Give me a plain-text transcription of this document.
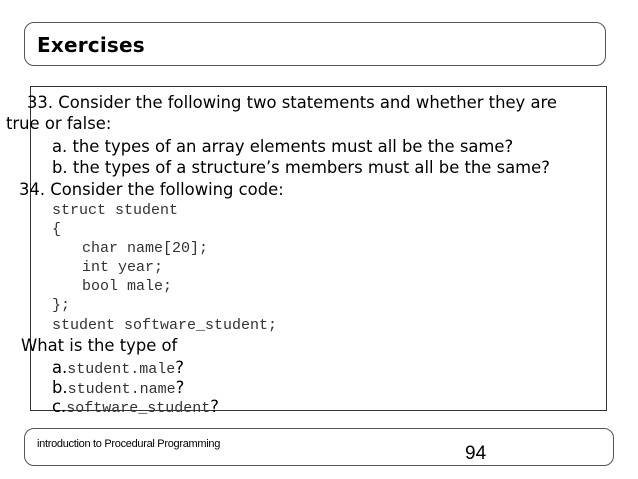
Exercises
33. Consider the following two statements and whether they are
true or false:
a. the types of an array elements must all be the same?
b. the types of a structure’s members must all be the same?
34. Consider the following code:
struct student
{
char name[20];
int year;
bool male;
};
student software_student;
What is the type of
a.student.male?
b.student.name?
c.software_student?
introduction to Procedural Programming	94
